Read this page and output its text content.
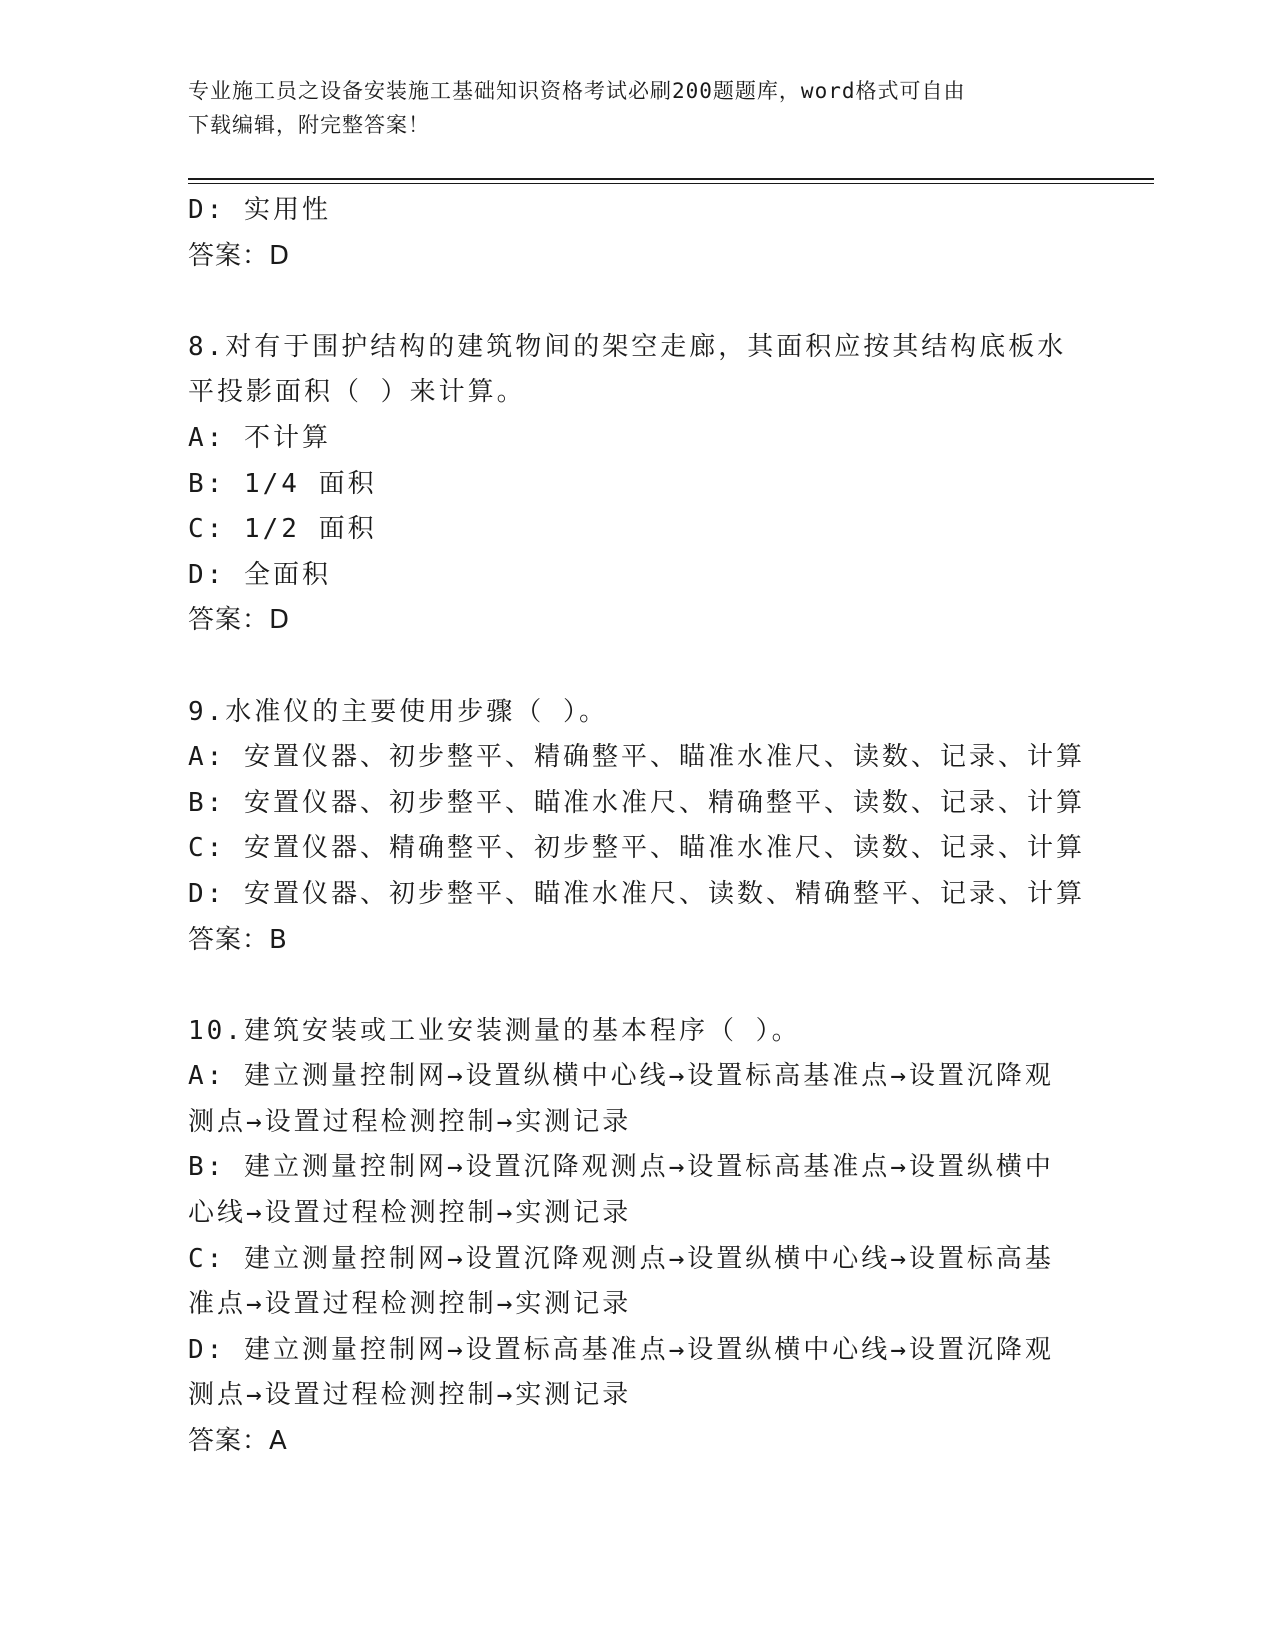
专业施工员之设备安装施工基础知识资格考试必刷200题题库，word格式可自由
下载编辑，附完整答案！
D: 实用性
答案：D
8.对有于围护结构的建筑物间的架空走廊，其面积应按其结构底板水
平投影面积（ ）来计算。
A: 不计算
B: 1/4 面积
C: 1/2 面积
D: 全面积
答案：D
9.水准仪的主要使用步骤（ ）。
A: 安置仪器、初步整平、精确整平、瞄准水准尺、读数、记录、计算
B: 安置仪器、初步整平、瞄准水准尺、精确整平、读数、记录、计算
C: 安置仪器、精确整平、初步整平、瞄准水准尺、读数、记录、计算
D: 安置仪器、初步整平、瞄准水准尺、读数、精确整平、记录、计算
答案：B
10.建筑安装或工业安装测量的基本程序（ ）。
A: 建立测量控制网→设置纵横中心线→设置标高基准点→设置沉降观
测点→设置过程检测控制→实测记录
B: 建立测量控制网→设置沉降观测点→设置标高基准点→设置纵横中
心线→设置过程检测控制→实测记录
C: 建立测量控制网→设置沉降观测点→设置纵横中心线→设置标高基
准点→设置过程检测控制→实测记录
D: 建立测量控制网→设置标高基准点→设置纵横中心线→设置沉降观
测点→设置过程检测控制→实测记录
答案：A
